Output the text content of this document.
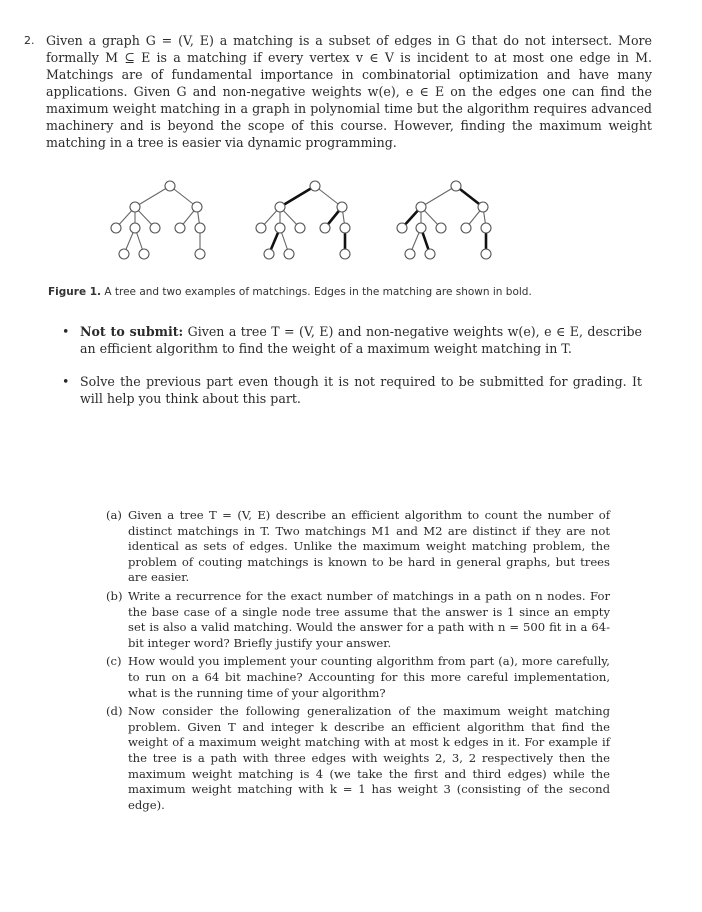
2. Given a graph G = (V, E) a matching is a subset of edges in G that do not intersect. More formally M ⊆ E is a matching if every vertex v ∈ V is incident to at most one edge in M. Matchings are of fundamental importance in combinatorial optimization and have many applications. Given G and non-negative weights w(e), e ∈ E on the edges one can find the maximum weight matching in a graph in polynomial time but the algorithm requires advanced machinery and is beyond the scope of this course. However, finding the maximum weight matching in a tree is easier via dynamic programming.
Figure 1. A tree and two examples of matchings. Edges in the matching are shown in bold.
• Not to submit: Given a tree T = (V, E) and non-negative weights w(e), e ∈ E, describe an efficient algorithm to find the weight of a maximum weight matching in T.
• Solve the previous part even though it is not required to be submitted for grading. It will help you think about this part.
(a) Given a tree T = (V, E) describe an efficient algorithm to count the number of distinct matchings in T. Two matchings M1 and M2 are distinct if they are not identical as sets of edges. Unlike the maximum weight matching problem, the problem of couting matchings is known to be hard in general graphs, but trees are easier.
(b) Write a recurrence for the exact number of matchings in a path on n nodes. For the base case of a single node tree assume that the answer is 1 since an empty set is also a valid matching. Would the answer for a path with n = 500 fit in a 64-bit integer word? Briefly justify your answer.
(c) How would you implement your counting algorithm from part (a), more carefully, to run on a 64 bit machine? Accounting for this more careful implementation, what is the running time of your algorithm?
(d) Now consider the following generalization of the maximum weight matching problem. Given T and integer k describe an efficient algorithm that find the weight of a maximum weight matching with at most k edges in it. For example if the tree is a path with three edges with weights 2, 3, 2 respectively then the maximum weight matching is 4 (we take the first and third edges) while the maximum weight matching with k = 1 has weight 3 (consisting of the second edge).
